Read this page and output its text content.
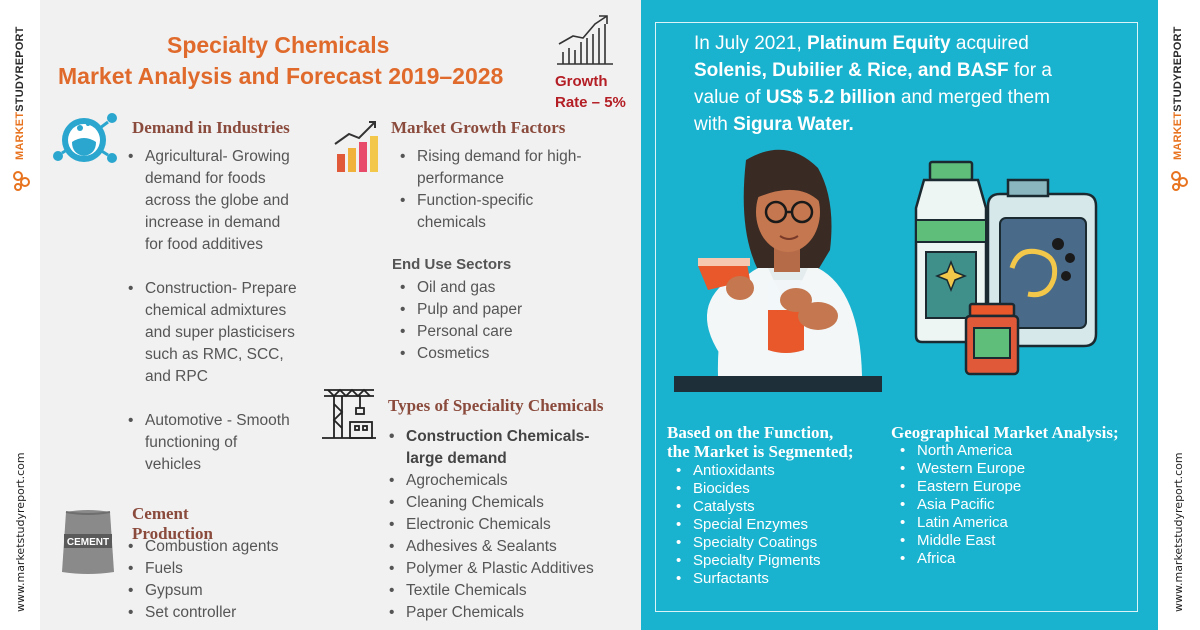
MARKETSTUDYREPORT
www.marketstudyreport.com
MARKETSTUDYREPORT
www.marketstudyreport.com
Specialty Chemicals
Market Analysis and Forecast 2019–2028	Growth
Rate – 5%
Demand in Industries
• Agricultural- Growing
demand for foods
across the globe and
increase in demand
for food additives
• Construction- Prepare
chemical admixtures
and super plasticisers
such as RMC, SCC,
and RPC
• Automotive - Smooth
functioning of
vehicles
CEMENT
Cement
Production
• Combustion agents
• Fuels
• Gypsum
• Set controller
Market Growth Factors
• Rising demand for high-
performance
• Function-specific
chemicals
End Use Sectors
• Oil and gas
• Pulp and paper
• Personal care
• Cosmetics
Types of Speciality Chemicals
• Construction Chemicals-
large demand
• Agrochemicals
• Cleaning Chemicals
• Electronic Chemicals
• Adhesives & Sealants
• Polymer & Plastic Additives
• Textile Chemicals
• Paper Chemicals
In July 2021, Platinum Equity acquired
Solenis, Dubilier & Rice, and BASF for a
value of US$ 5.2 billion and merged them
with Sigura Water.
Based on the Function,
the Market is Segmented;
• Antioxidants
• Biocides
• Catalysts
• Special Enzymes
• Specialty Coatings
• Specialty Pigments
• Surfactants
Geographical Market Analysis;
• North America
• Western Europe
• Eastern Europe
• Asia Pacific
• Latin America
• Middle East
• Africa
